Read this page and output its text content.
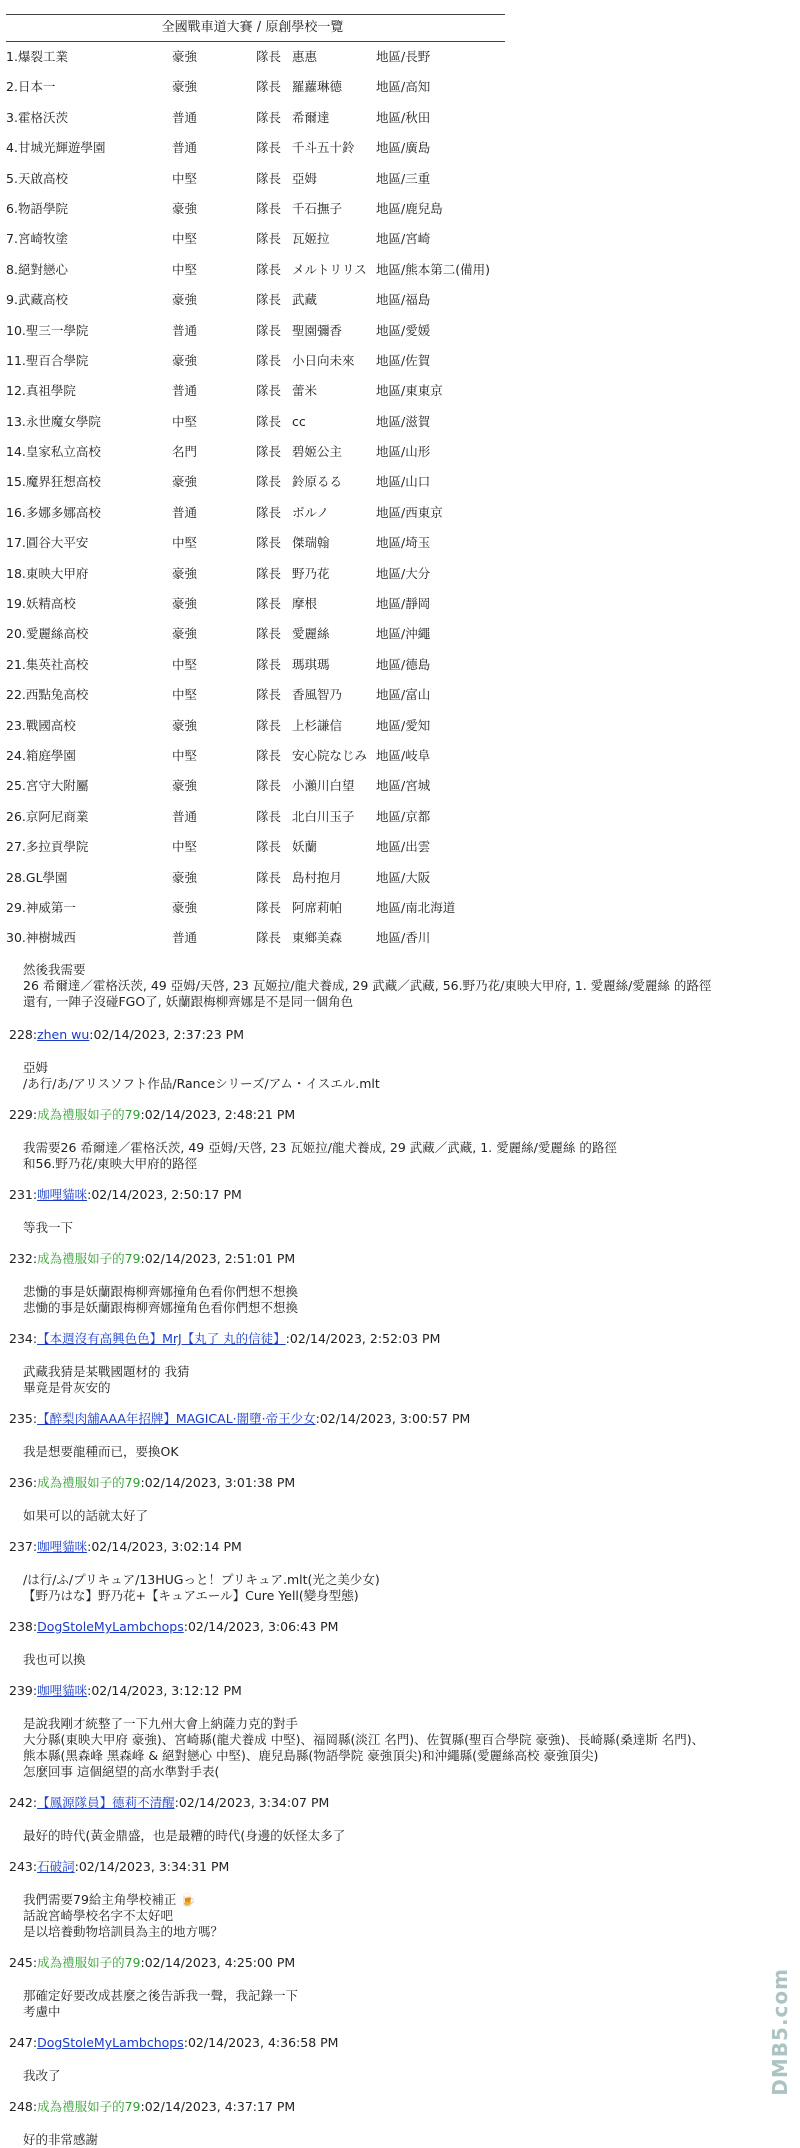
全國戰車道大賽 / 原創學校一覽
1.爆裂工業	豪強	隊長 惠惠	地區/長野
2.日本一	豪強	隊長 羅蘿琳德	地區/高知
3.霍格沃茨	普通	隊長 希爾達	地區/秋田
4.甘城光輝遊學園	普通	隊長 千斗五十鈴 地區/廣島
5.天啟高校	中堅	隊長 亞姆	地區/三重
6.物語學院	豪強	隊長 千石撫子	地區/鹿兒島
7.宮崎牧塗	中堅	隊長 瓦姬拉	地區/宮崎
8.絕對戀心	中堅	隊長 メルトリリス 地區/熊本第二(備用)
9.武藏高校	豪強	隊長 武藏	地區/福島
10.聖三一學院	普通	隊長 聖園彌香	地區/愛媛
11.聖百合學院	豪強	隊長 小日向未來 地區/佐賀
12.真祖學院	普通	隊長 蕾米	地區/東東京
13.永世魔女學院	中堅	隊長 cc	地區/滋賀
14.皇家私立高校	名門	隊長 碧姬公主	地區/山形
15.魔界狂想高校	豪強	隊長 鈴原るる	地區/山口
16.多娜多娜高校	普通	隊長 ボルノ	地區/西東京
17.圓谷大平安	中堅	隊長 傑瑞翰	地區/埼玉
18.東映大甲府	豪強	隊長 野乃花	地區/大分
19.妖精高校	豪強	隊長 摩根	地區/靜岡
20.愛麗絲高校	豪強	隊長 愛麗絲	地區/沖繩
21.集英社高校	中堅	隊長 瑪琪瑪	地區/德島
22.西點兔高校	中堅	隊長 香風智乃	地區/富山
23.戰國高校	豪強	隊長 上杉謙信	地區/愛知
24.箱庭學園	中堅	隊長 安心院なじみ 地區/岐阜
25.宮守大附屬	豪強	隊長 小瀨川白望 地區/宮城
26.京阿尼商業	普通	隊長 北白川玉子 地區/京都
27.多拉貢學院	中堅	隊長 妖蘭	地區/出雲
28.GL學園	豪強	隊長 島村抱月	地區/大阪
29.神威第一	豪強	隊長 阿席莉帕	地區/南北海道
30.神樹城西	普通	隊長 東鄉美森	地區/香川
然後我需要
26 希爾達／霍格沃茨, 49 亞姆/天啓, 23 瓦姬拉/龍犬養成, 29 武藏／武藏, 56.野乃花/東映大甲府, 1. 愛麗絲/愛麗絲 的路徑
還有, 一陣子沒碰FGO了, 妖蘭跟梅柳齊娜是不是同一個角色
228:zhen wu:02/14/2023, 2:37:23 PM
亞姆
/あ行/あ/アリスソフト作品/Ranceシリーズ/アム・イスエル.mlt
229:成為禮服如子的79:02/14/2023, 2:48:21 PM
我需要26 希爾達／霍格沃茨, 49 亞姆/天啓, 23 瓦姬拉/龍犬養成, 29 武藏／武藏, 1. 愛麗絲/愛麗絲 的路徑
和56.野乃花/東映大甲府的路徑
231:咖哩貓咪:02/14/2023, 2:50:17 PM
等我一下
232:成為禮服如子的79:02/14/2023, 2:51:01 PM
悲慟的事是妖蘭跟梅柳齊娜撞角色看你們想不想換
悲慟的事是妖蘭跟梅柳齊娜撞角色看你們想不想換
234:【本週沒有高興色色】MrJ【丸了 丸的信徒】:02/14/2023, 2:52:03 PM
武藏我猜是某戰國題材的 我猜
畢竟是骨灰安的
235:【醉梨肉舖AAA年招牌】MAGICAL·闇墮·帝王少女:02/14/2023, 3:00:57 PM
我是想要龍種而已，要換OK
236:成為禮服如子的79:02/14/2023, 3:01:38 PM
如果可以的話就太好了
237:咖哩貓咪:02/14/2023, 3:02:14 PM
/は行/ふ/プリキュア/13HUGっと！プリキュア.mlt(光之美少女)
【野乃はな】野乃花+【キュアエール】Cure Yell(變身型態)
238:DogStoleMyLambchops:02/14/2023, 3:06:43 PM
我也可以換
239:咖哩貓咪:02/14/2023, 3:12:12 PM
是說我剛才統整了一下九州大會上納薩力克的對手
大分縣(東映大甲府 豪強)、宮崎縣(龍犬養成 中堅)、福岡縣(淡江 名門)、佐賀縣(聖百合學院 豪強)、長崎縣(桑達斯 名門)、
熊本縣(黑森峰 黑森峰 & 絕對戀心 中堅)、鹿兒島縣(物語學院 豪強頂尖)和沖繩縣(愛麗絲高校 豪強頂尖)
怎麼回事 這個絕望的高水準對手表(
242:【鳳源隊員】德莉不清醒:02/14/2023, 3:34:07 PM
最好的時代(黃金鼎盛，也是最糟的時代(身邊的妖怪太多了
243:石破詞:02/14/2023, 3:34:31 PM
我們需要79給主角學校補正 🍺
話說宮崎學校名字不太好吧
是以培養動物培訓員為主的地方嗎？
245:成為禮服如子的79:02/14/2023, 4:25:00 PM
那確定好要改成甚麼之後告訴我一聲，我記錄一下
考慮中
247:DogStoleMyLambchops:02/14/2023, 4:36:58 PM
我改了
248:成為禮服如子的79:02/14/2023, 4:37:17 PM
好的非常感謝
DMB5.com
